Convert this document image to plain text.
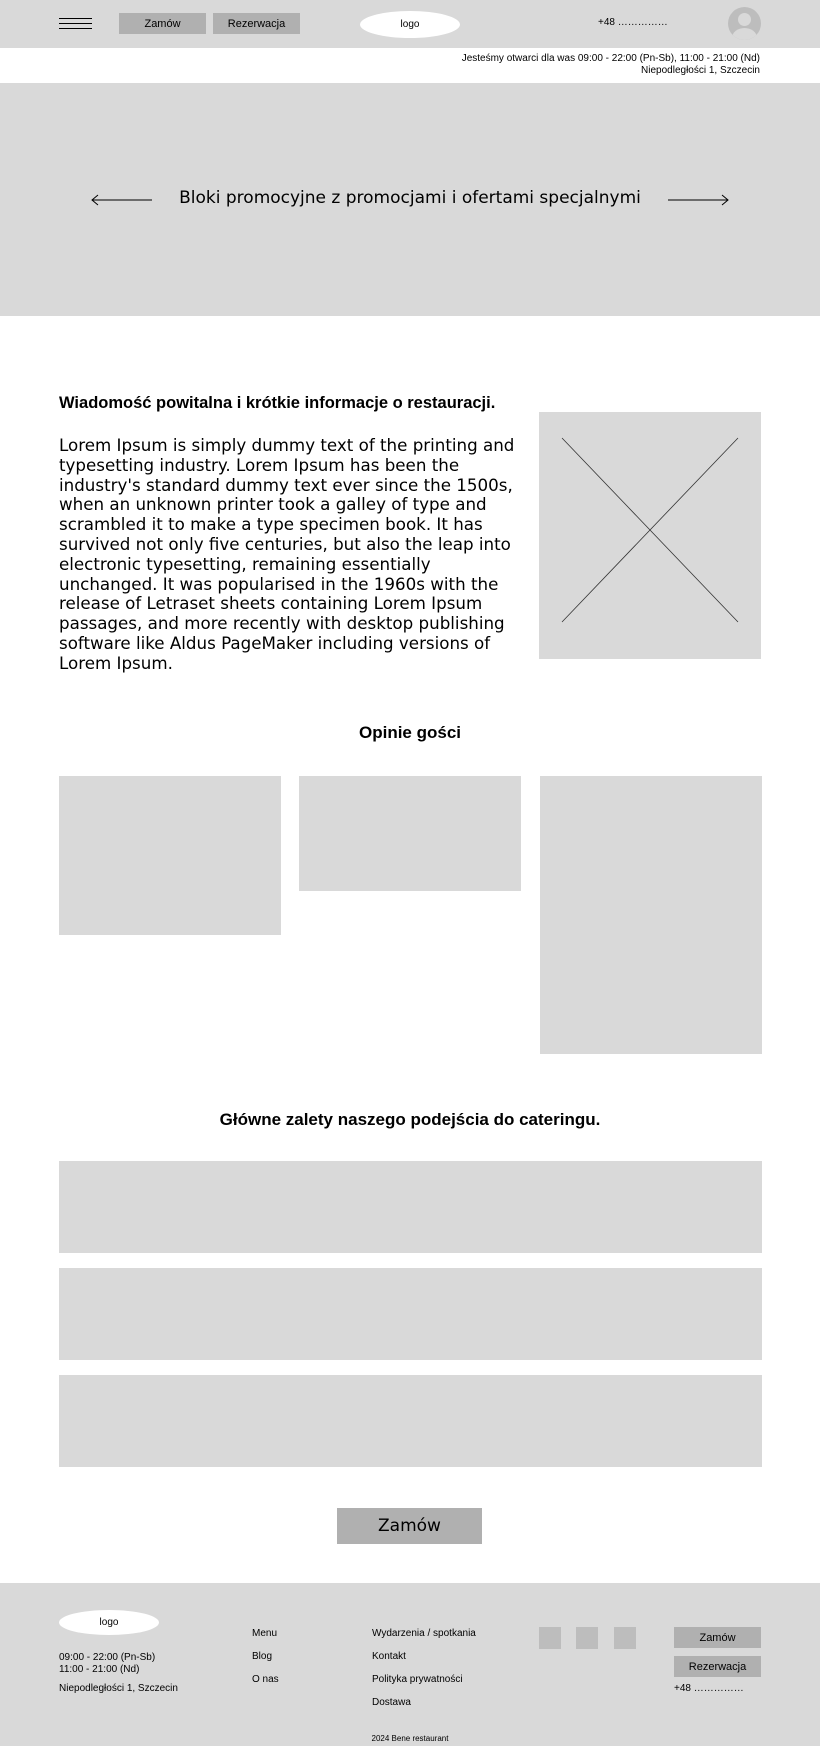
Zamów	Rezerwacja	logo	+48 ……………
Jesteśmy otwarci dla was 09:00 - 22:00 (Pn-Sb), 11:00 - 21:00 (Nd)
Niepodległości 1, Szczecin
Bloki promocyjne z promocjami i ofertami specjalnymi
Wiadomość powitalna i krótkie informacje o restauracji.
Lorem Ipsum is simply dummy text of the printing and typesetting industry. Lorem Ipsum has been the industry's standard dummy text ever since the 1500s, when an unknown printer took a galley of type and scrambled it to make a type specimen book. It has survived not only five centuries, but also the leap into electronic typesetting, remaining essentially unchanged. It was popularised in the 1960s with the release of Letraset sheets containing Lorem Ipsum passages, and more recently with desktop publishing software like Aldus PageMaker including versions of Lorem Ipsum.
Opinie gości
Główne zalety naszego podejścia do cateringu.
Zamów
logo
09:00 - 22:00 (Pn-Sb)
11:00 - 21:00 (Nd)
Niepodległości 1, Szczecin
Menu
Blog
O nas
Wydarzenia / spotkania
Kontakt
Polityka prywatności
Dostawa
Zamów
Rezerwacja
+48 ……………
2024 Bene restaurant
